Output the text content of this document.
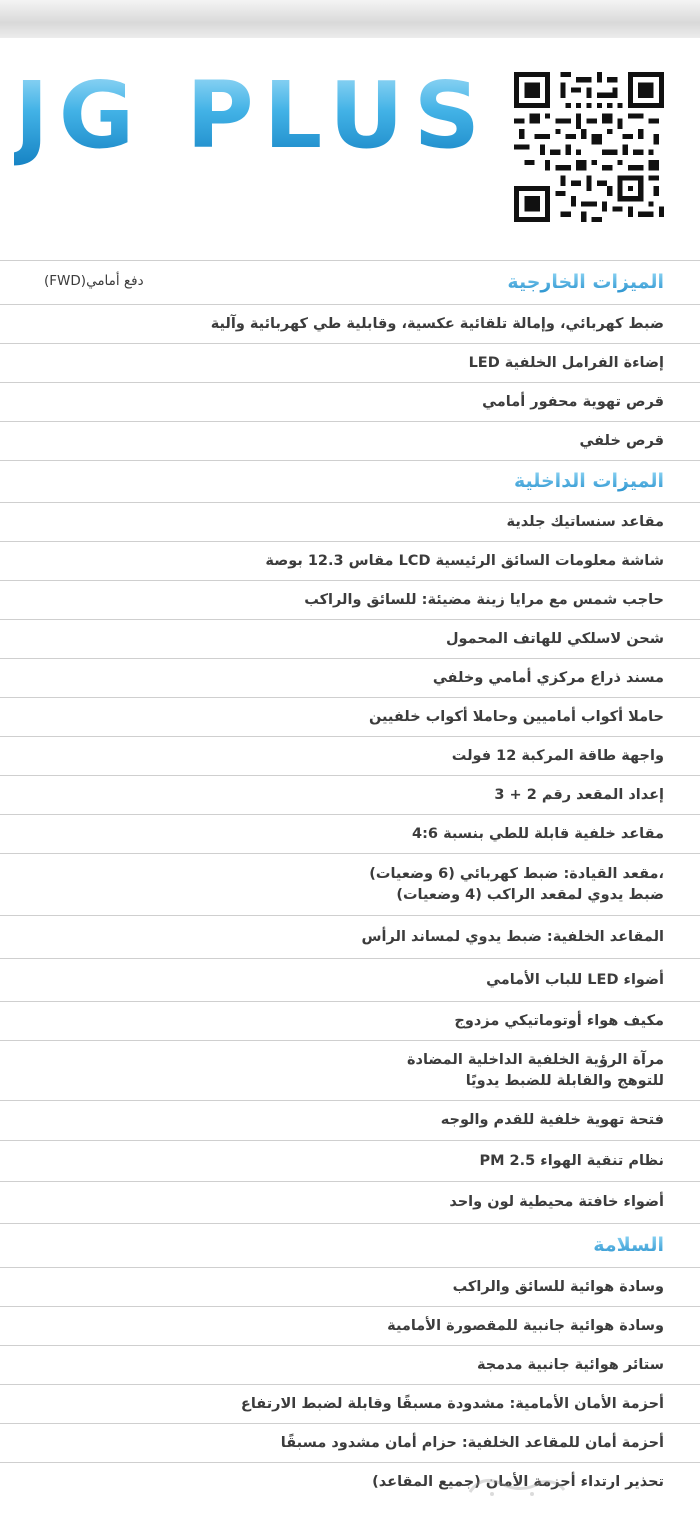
JG PLUS
الميزات الخارجية
دفع أمامي(FWD)
ضبط كهربائي، وإمالة تلقائية عكسية، وقابلية طي كهربائية وآلية
إضاءة الفرامل الخلفية LED
قرص تهوية محفور أمامي
قرص خلفي
الميزات الداخلية
مقاعد سنساتيك جلدية
شاشة معلومات السائق الرئيسية LCD مقاس 12.3 بوصة
حاجب شمس مع مرايا زينة مضيئة: للسائق والراكب
شحن لاسلكي للهاتف المحمول
مسند ذراع مركزي أمامي وخلفي
حاملا أكواب أماميين وحاملا أكواب خلفيين
واجهة طاقة المركبة 12 فولت
إعداد المقعد رقم 2 + 3
مقاعد خلفية قابلة للطي بنسبة 4:6
،مقعد القيادة: ضبط كهربائي (6 وضعيات)
ضبط يدوي لمقعد الراكب (4 وضعيات)
المقاعد الخلفية: ضبط يدوي لمساند الرأس
أضواء LED للباب الأمامي
مكيف هواء أوتوماتيكي مزدوج
مرآة الرؤية الخلفية الداخلية المضادة
للتوهج والقابلة للضبط يدويًا
فتحة تهوية خلفية للقدم والوجه
نظام تنقية الهواء PM 2.5
أضواء خافتة محيطية لون واحد
السلامة
وسادة هوائية للسائق والراكب
وسادة هوائية جانبية للمقصورة الأمامية
ستائر هوائية جانبية مدمجة
أحزمة الأمان الأمامية: مشدودة مسبقًا وقابلة لضبط الارتفاع
أحزمة أمان للمقاعد الخلفية: حزام أمان مشدود مسبقًا
تحذير ارتداء أحزمة الأمان (جميع المقاعد)
